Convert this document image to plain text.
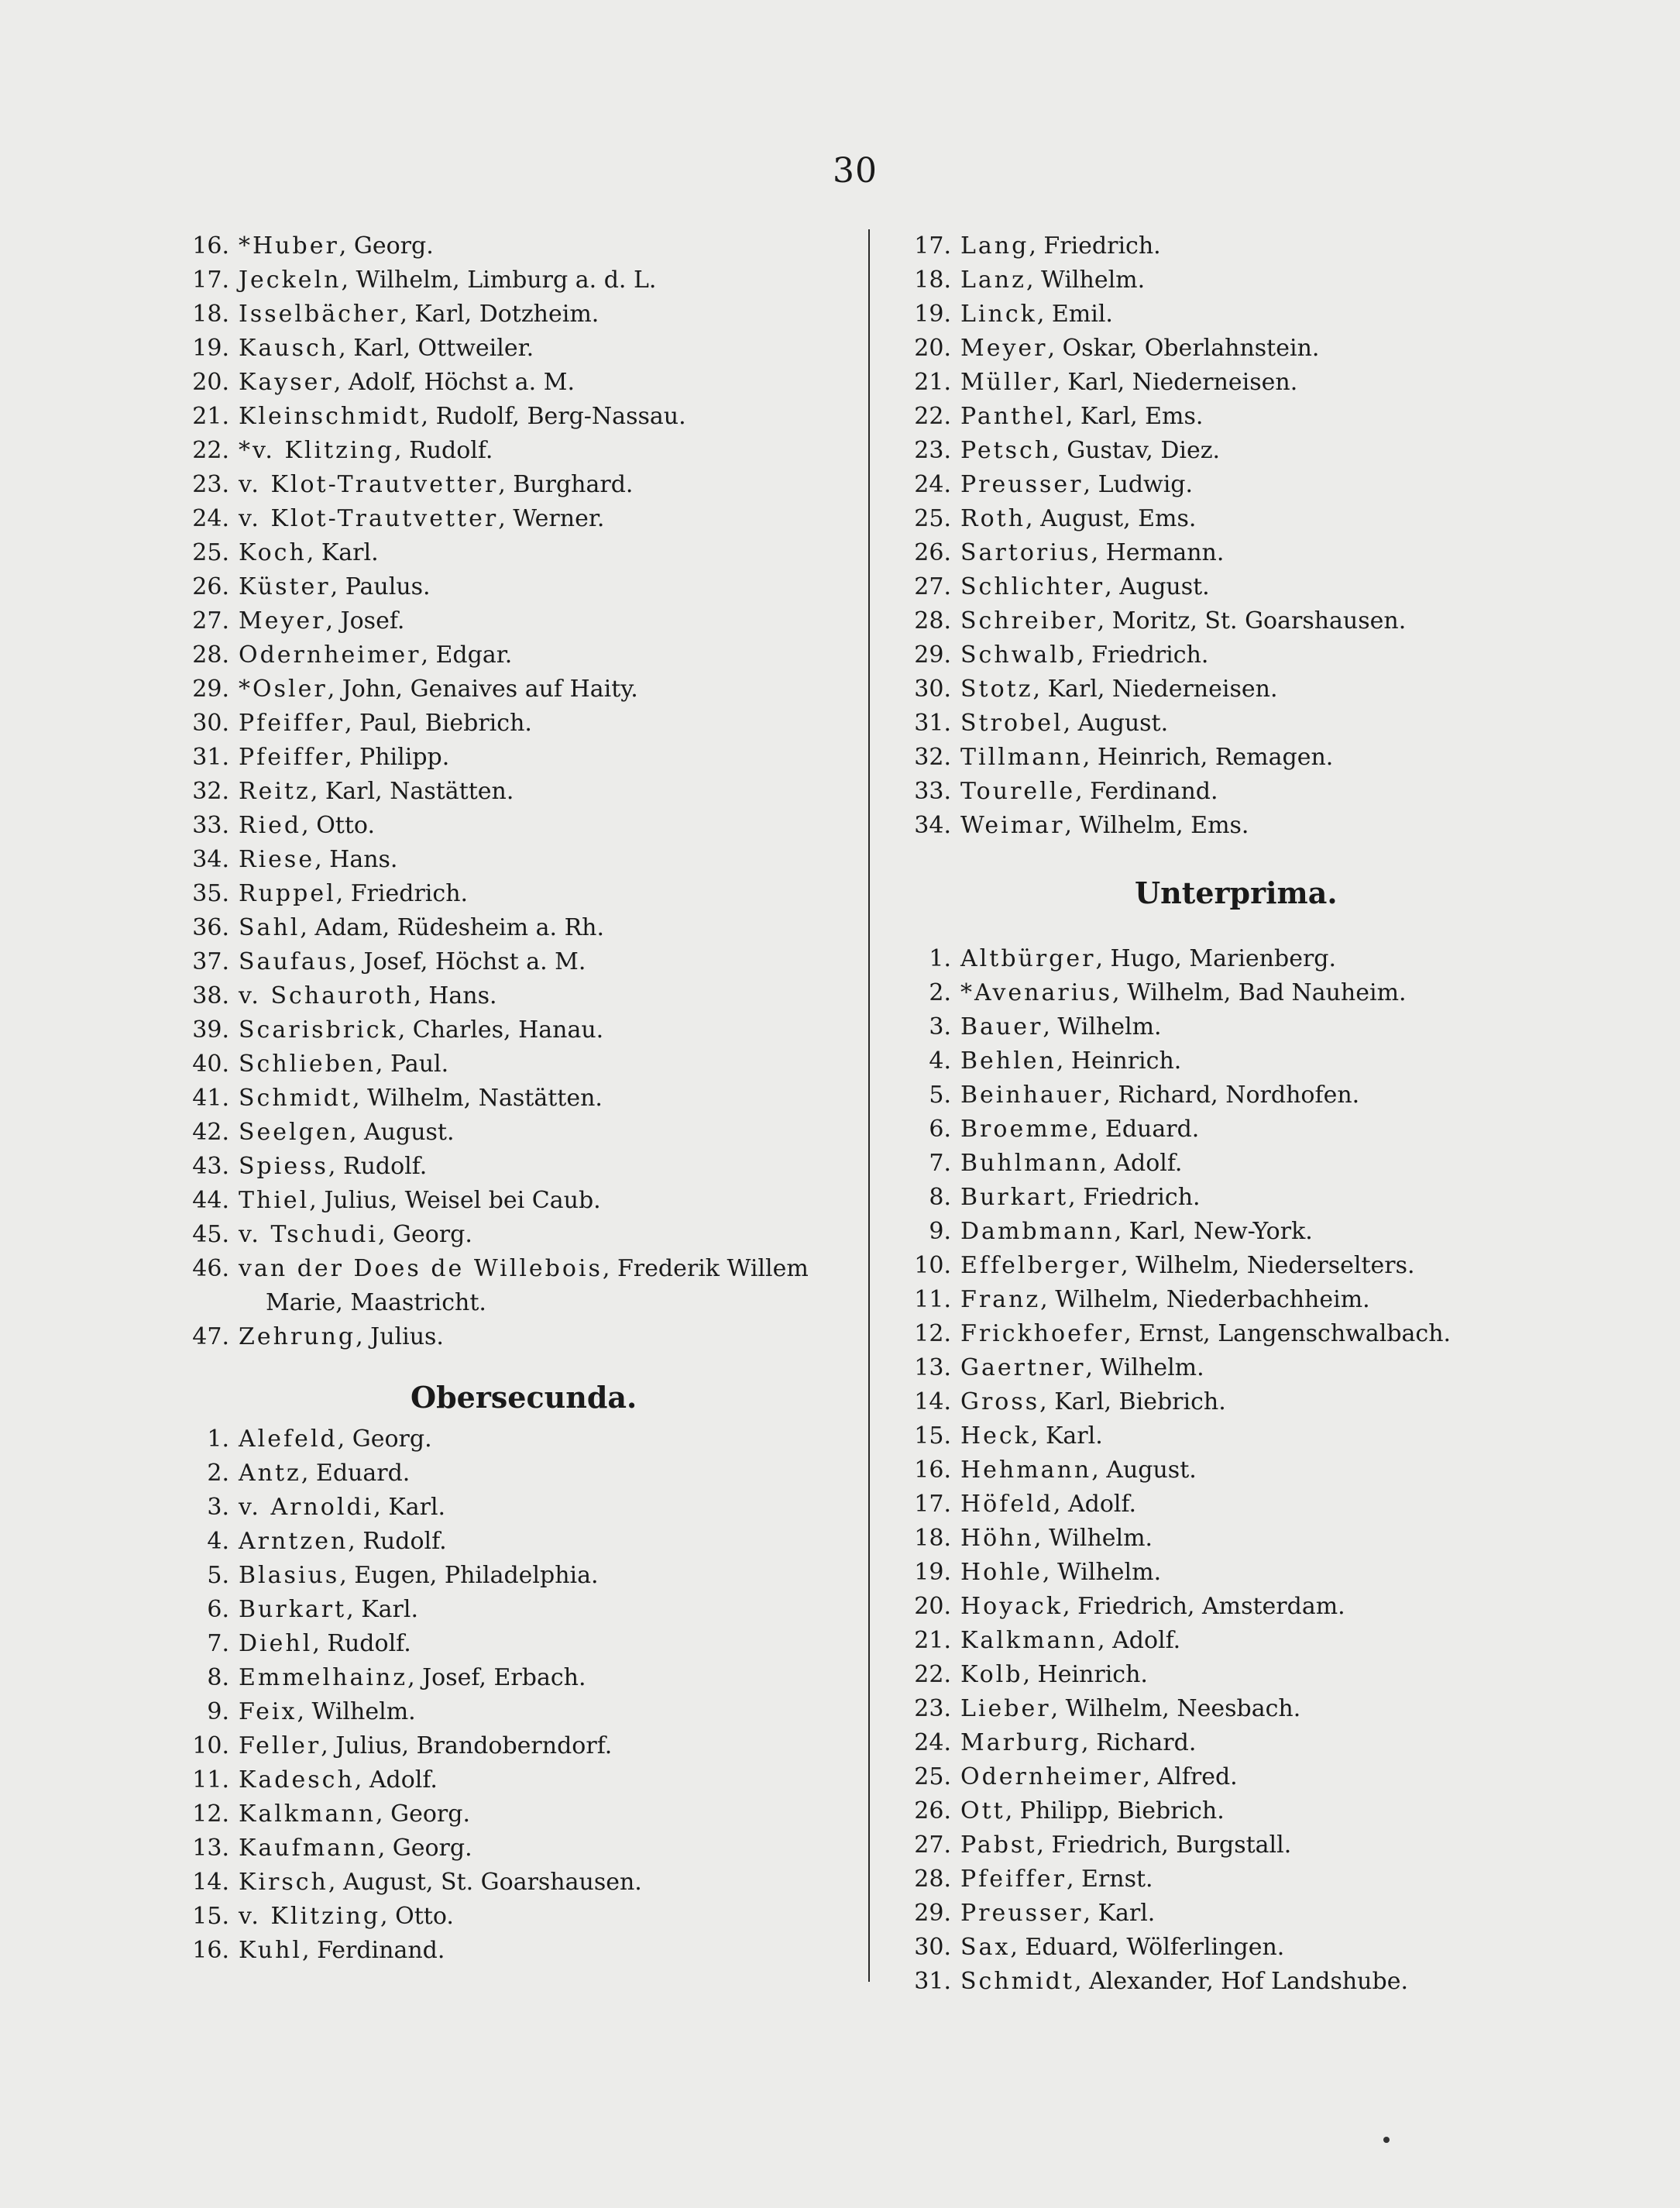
30
16. *Huber, Georg.
17. Jeckeln, Wilhelm, Limburg a. d. L.
18. Isselbächer, Karl, Dotzheim.
19. Kausch, Karl, Ottweiler.
20. Kayser, Adolf, Höchst a. M.
21. Kleinschmidt, Rudolf, Berg-Nassau.
22. *v. Klitzing, Rudolf.
23. v. Klot-Trautvetter, Burghard.
24. v. Klot-Trautvetter, Werner.
25. Koch, Karl.
26. Küster, Paulus.
27. Meyer, Josef.
28. Odernheimer, Edgar.
29. *Osler, John, Genaives auf Haity.
30. Pfeiffer, Paul, Biebrich.
31. Pfeiffer, Philipp.
32. Reitz, Karl, Nastätten.
33. Ried, Otto.
34. Riese, Hans.
35. Ruppel, Friedrich.
36. Sahl, Adam, Rüdesheim a. Rh.
37. Saufaus, Josef, Höchst a. M.
38. v. Schauroth, Hans.
39. Scarisbrick, Charles, Hanau.
40. Schlieben, Paul.
41. Schmidt, Wilhelm, Nastätten.
42. Seelgen, August.
43. Spiess, Rudolf.
44. Thiel, Julius, Weisel bei Caub.
45. v. Tschudi, Georg.
46. van der Does de Willebois, Frederik Willem
Marie, Maastricht.
47. Zehrung, Julius.
Obersecunda.
1. Alefeld, Georg.
2. Antz, Eduard.
3. v. Arnoldi, Karl.
4. Arntzen, Rudolf.
5. Blasius, Eugen, Philadelphia.
6. Burkart, Karl.
7. Diehl, Rudolf.
8. Emmelhainz, Josef, Erbach.
9. Feix, Wilhelm.
10. Feller, Julius, Brandoberndorf.
11. Kadesch, Adolf.
12. Kalkmann, Georg.
13. Kaufmann, Georg.
14. Kirsch, August, St. Goarshausen.
15. v. Klitzing, Otto.
16. Kuhl, Ferdinand.
17. Lang, Friedrich.
18. Lanz, Wilhelm.
19. Linck, Emil.
20. Meyer, Oskar, Oberlahnstein.
21. Müller, Karl, Niederneisen.
22. Panthel, Karl, Ems.
23. Petsch, Gustav, Diez.
24. Preusser, Ludwig.
25. Roth, August, Ems.
26. Sartorius, Hermann.
27. Schlichter, August.
28. Schreiber, Moritz, St. Goarshausen.
29. Schwalb, Friedrich.
30. Stotz, Karl, Niederneisen.
31. Strobel, August.
32. Tillmann, Heinrich, Remagen.
33. Tourelle, Ferdinand.
34. Weimar, Wilhelm, Ems.
Unterprima.
1. Altbürger, Hugo, Marienberg.
2. *Avenarius, Wilhelm, Bad Nauheim.
3. Bauer, Wilhelm.
4. Behlen, Heinrich.
5. Beinhauer, Richard, Nordhofen.
6. Broemme, Eduard.
7. Buhlmann, Adolf.
8. Burkart, Friedrich.
9. Dambmann, Karl, New-York.
10. Effelberger, Wilhelm, Niederselters.
11. Franz, Wilhelm, Niederbachheim.
12. Frickhoefer, Ernst, Langenschwalbach.
13. Gaertner, Wilhelm.
14. Gross, Karl, Biebrich.
15. Heck, Karl.
16. Hehmann, August.
17. Höfeld, Adolf.
18. Höhn, Wilhelm.
19. Hohle, Wilhelm.
20. Hoyack, Friedrich, Amsterdam.
21. Kalkmann, Adolf.
22. Kolb, Heinrich.
23. Lieber, Wilhelm, Neesbach.
24. Marburg, Richard.
25. Odernheimer, Alfred.
26. Ott, Philipp, Biebrich.
27. Pabst, Friedrich, Burgstall.
28. Pfeiffer, Ernst.
29. Preusser, Karl.
30. Sax, Eduard, Wölferlingen.
31. Schmidt, Alexander, Hof Landshube.
